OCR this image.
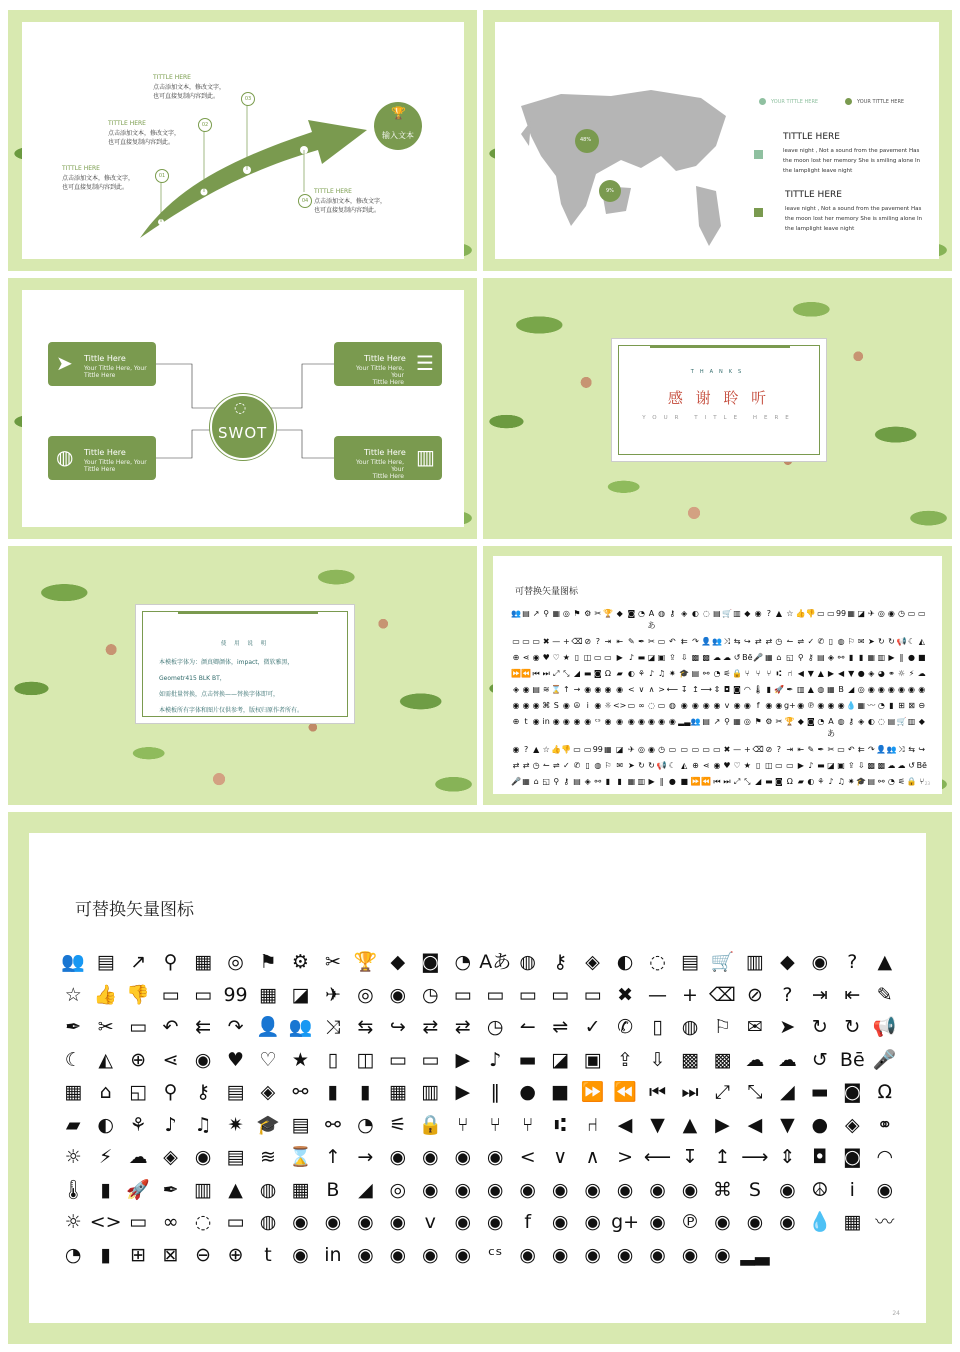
🏆
输入文本
01
TITTLE HERE
点击添加文本，修改文字，
也可直接复制内容到此。
02
TITTLE HERE
点击添加文本，修改文字，
也可直接复制内容到此。
03
TITTLE HERE
点击添加文本，修改文字，
也可直接复制内容到此。
04
TITTLE HERE
点击添加文本，修改文字，
也可直接复制内容到此。
48%
9%
YOUR TITTLE HERE	YOUR TITTLE HERE
TITTLE HERE
leave night , Not a sound from the pavement Has
the moon lost her memory She is smiling alone In
the lamplight leave night
TITTLE HERE
leave night , Not a sound from the pavement Has
the moon lost her memory She is smiling alone In
the lamplight leave night
◌
SWOT
➤ Tittle Here
Your Tittle Here, Your
Tittle Here
Tittle Here
Your Tittle Here, Your
Tittle Here
☰
◍ Tittle Here
Your Tittle Here, Your
Tittle Here
Tittle Here
Your Tittle Here, Your
Tittle Here
▥
THANKS
感 谢 聆 听
YOUR TITLE HERE
使 用 说 明
本模板字体为：颜真卿颜体，impact，微软雅黑，
Geometr415 BLK BT，
如需批量替换，点击替换——替换字体即可，
本模板所有字体和图片仅供参考，版权归原作者所有。
可替换矢量图标
👥 ▤ ↗ ⚲ ▦ ◎ ⚑ ⚙ ✂ 🏆 ◆ ◙ ◔ Aあ
◍ ⚷ ◈ ◐ ◌ ▤ 🛒 ▥ ◆ ◉ ? ▲ ☆ 👍 👎 ▭ ▭ 99 ▦ ◪ ✈ ◎ ◉ ◷ ▭ ▭
▭ ▭ ▭ ✖ — + ⌫ ⊘ ? ⇥ ⇤ ✎ ✒ ✂ ▭ ↶ ⇇ ↷ 👤 👥 ⤨ ⇆ ↪ ⇄ ⇄ ◷ ↼ ⇌ ✓ ✆ ▯ ◍ ⚐ ✉ ➤ ↻ ↻ 📢 ☾ ◭
⊕ ⋖ ◉ ♥ ♡ ★ ▯ ◫ ▭ ▭ ▶ ♪ ▬ ◪ ▣ ⇪ ⇩ ▩ ▩ ☁ ☁ ↺ Bē 🎤 ▦ ⌂ ◱ ⚲ ⚷ ▤ ◈ ⚯ ▮ ▮ ▦ ▥ ▶ ‖ ● ■
⏩ ⏪ ⏮ ⏭ ⤢ ⤡ ◢ ▬ ◙ Ω ▰ ◐ ⚘ ♪ ♫ ✷ 🎓 ▤ ⚯ ◔ ⚟ 🔒 ⑂ ⑂ ⑂ ⑆ ⑁ ◀ ▼ ▲ ▶ ◀ ▼ ● ◈ ◕ ⚭ ☼ ⚡ ☁
◈ ◉ ▤ ≋ ⌛ ↑ → ◉ ◉ ◉ ◉ < ∨ ∧ > ⟵ ↧ ↥ ⟶ ⇕ ◘ ◙ ◠ 🌡 ▮ 🚀 ✒ ▥ ▲ ◍ ▦ B ◢ ◎ ◉ ◉ ◉ ◉ ◉ ◉
◉ ◉ ◉ ⌘ S ◉ ☮ i ◉ ☼ <> ▭ ∞ ◌ ▭ ◍ ◉ ◉ ◉ ◉ v ◉ ◉ f ◉ ◉ g+ ◉ ℗ ◉ ◉ ◉ 💧 ▦ 〰 ◔ ▮ ⊞ ⊠ ⊖
⊕ t ◉ in ◉ ◉ ◉ ◉ ᶜˢ ◉ ◉ ◉ ◉ ◉ ◉ ◉ ▂▃ 👥 ▤ ↗ ⚲ ▦ ◎ ⚑ ⚙ ✂ 🏆 ◆ ◙ ◔ Aあ
◍ ⚷ ◈ ◐ ◌ ▤ 🛒 ▥ ◆
◉ ? ▲ ☆ 👍 👎 ▭ ▭ 99 ▦ ◪ ✈ ◎ ◉ ◷ ▭ ▭ ▭ ▭ ▭ ✖ — + ⌫ ⊘ ? ⇥ ⇤ ✎ ✒ ✂ ▭ ↶ ⇇ ↷ 👤 👥 ⤨ ⇆ ↪
⇄ ⇄ ◷ ↼ ⇌ ✓ ✆ ▯ ◍ ⚐ ✉ ➤ ↻ ↻ 📢 ☾ ◭ ⊕ ⋖ ◉ ♥ ♡ ★ ▯ ◫ ▭ ▭ ▶ ♪ ▬ ◪ ▣ ⇪ ⇩ ▩ ▩ ☁ ☁ ↺ Bē
🎤 ▦ ⌂ ◱ ⚲ ⚷ ▤ ◈ ⚯ ▮ ▮ ▦ ▥ ▶ ‖ ● ■ ⏩ ⏪ ⏮ ⏭ ⤢ ⤡ ◢ ▬ ◙ Ω ▰ ◐ ⚘ ♪ ♫ ✷ 🎓 ▤ ⚯ ◔ ⚟ 🔒 ⑂ 23
可替换矢量图标
👥 ▤ ↗ ⚲ ▦ ◎ ⚑ ⚙ ✂ 🏆 ◆ ◙ ◔ Aあ ◍ ⚷ ◈ ◐ ◌ ▤ 🛒 ▥ ◆ ◉	?	▲
☆ 👍 👎 ▭ ▭ 99 ▦ ◪ ✈ ◎ ◉ ◷ ▭ ▭ ▭ ▭ ▭ ✖ — + ⌫ ⊘	?	⇥ ⇤ ✎
✒ ✂ ▭ ↶ ⇇ ↷ 👤 👥 ⤨ ⇆ ↪ ⇄ ⇄ ◷ ↼ ⇌ ✓ ✆	▯ ◍ ⚐ ✉ ➤ ↻ ↻ 📢
☾ ◭ ⊕ ⋖ ◉ ♥ ♡ ★ ▯ ◫ ▭ ▭ ▶	♪ ▬ ◪ ▣ ⇪ ⇩ ▩ ▩ ☁ ☁ ↺ Bē 🎤
▦ ⌂ ◱ ⚲ ⚷ ▤ ◈ ⚯	▮	▮ ▦ ▥ ▶	‖	● ■ ⏩ ⏪ ⏮ ⏭ ⤢ ⤡ ◢ ▬ ◙ Ω
▰ ◐ ⚘ ♪ ♫ ✷ 🎓 ▤ ⚯ ◔ ⚟ 🔒 ⑂	⑂	⑂	⑆	⑁	◀ ▼ ▲ ▶ ◀ ▼ ● ◈ ⚭
☼ ⚡ ☁ ◈ ◉ ▤ ≋ ⌛ ↑ → ◉ ◉ ◉ ◉ < ∨ ∧ > ⟵ ↧ ↥ ⟶ ⇕ ◘ ◙ ◠
🌡 ▮ 🚀 ✒ ▥ ▲ ◍ ▦ B ◢ ◎ ◉ ◉ ◉ ◉ ◉ ◉ ◉ ◉ ◉ ⌘ S ◉ ☮	i	◉
☼ <> ▭ ∞ ◌ ▭ ◍ ◉ ◉ ◉ ◉ v ◉ ◉	f	◉ ◉ g+ ◉ ℗ ◉ ◉ ◉ 💧 ▦ 〰
◔ ▮	⊞ ⊠ ⊖ ⊕	t	◉ in ◉ ◉ ◉ ◉ ᶜˢ ◉ ◉ ◉ ◉ ◉ ◉ ◉ ▂▃
24
